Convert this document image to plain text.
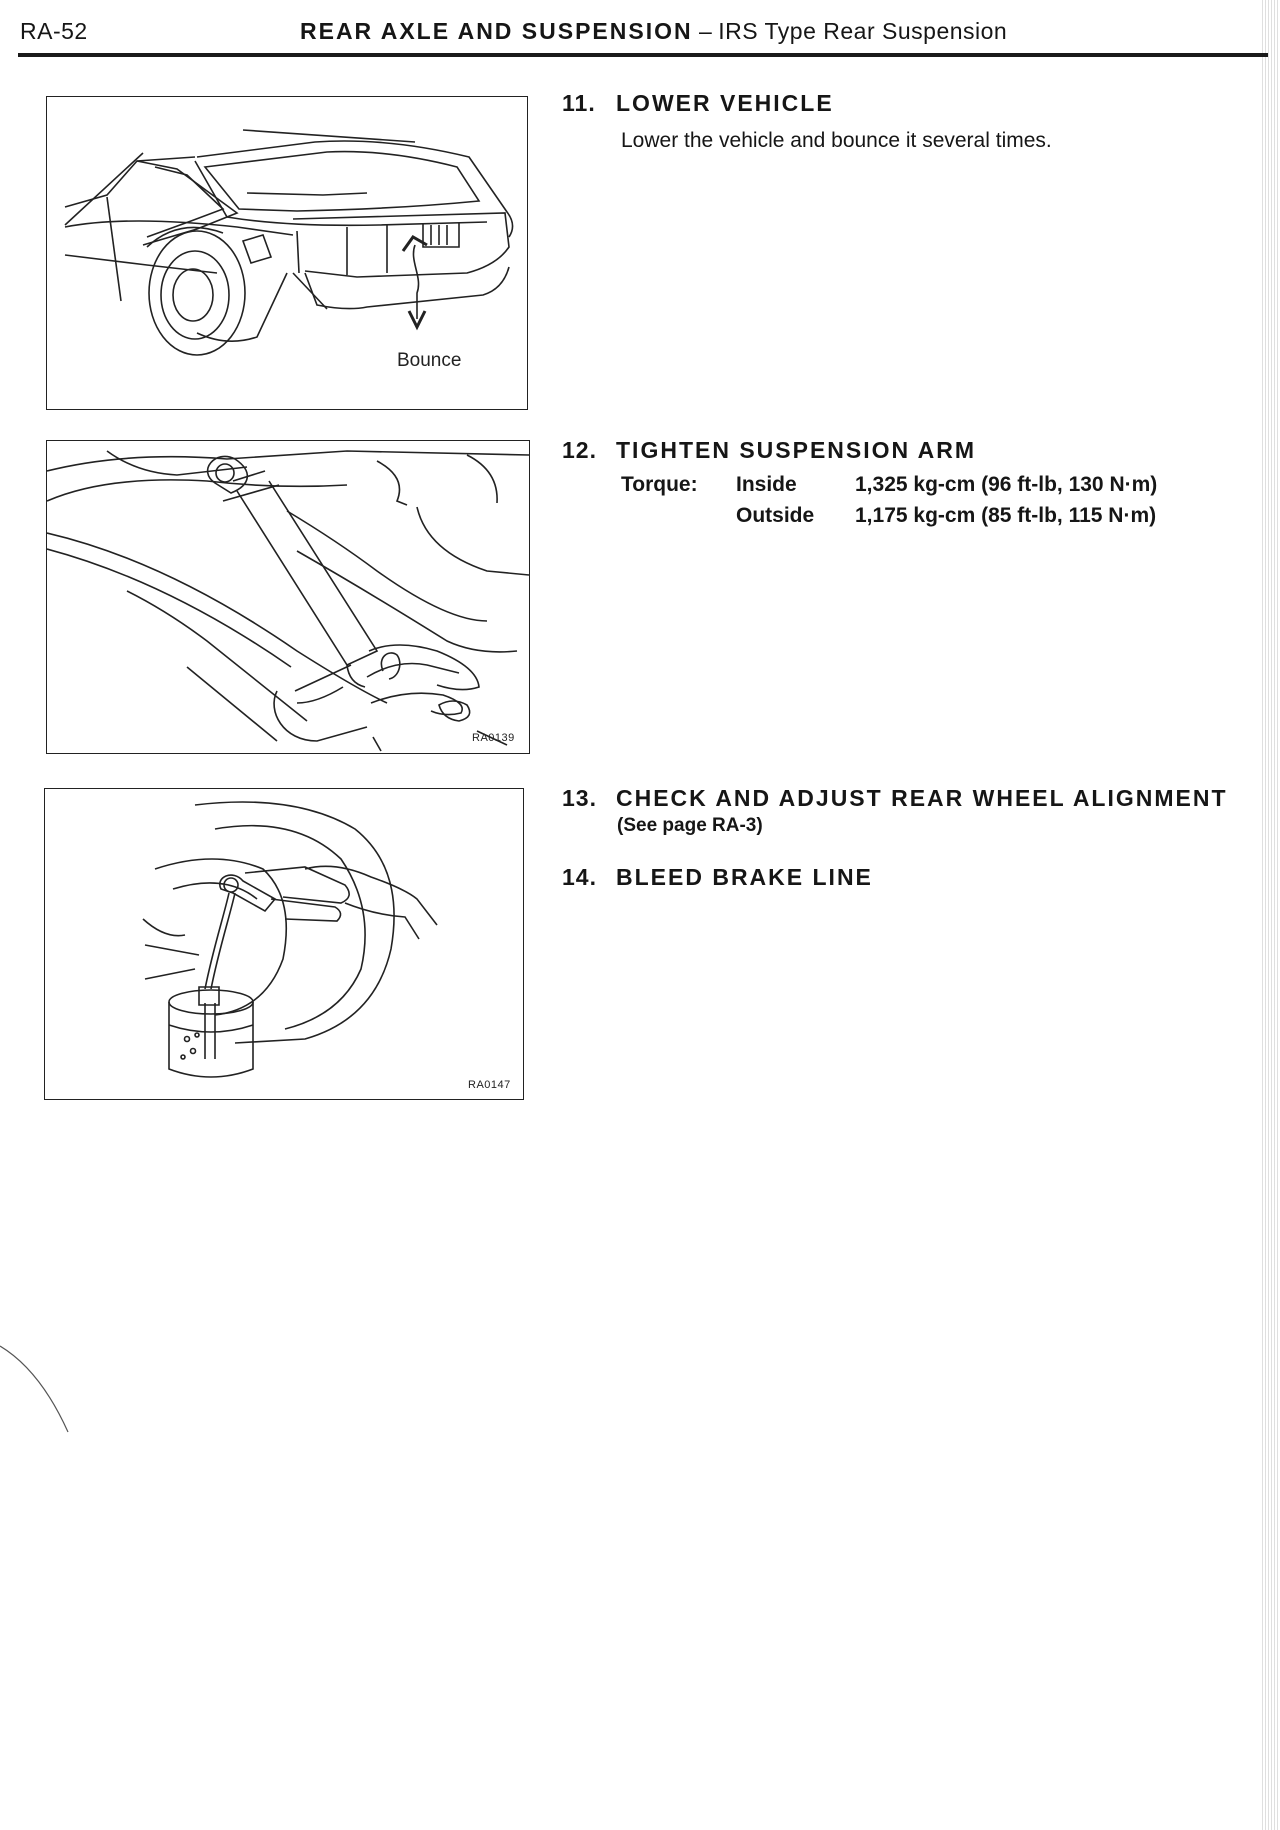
RA-52	REAR AXLE AND SUSPENSION – IRS Type Rear Suspension
Bounce
RA0139
RA0147
11. LOWER VEHICLE
Lower the vehicle and bounce it several times.
12. TIGHTEN SUSPENSION ARM
Torque: Inside	1,325 kg-cm (96 ft-lb, 130 N·m)
Outside 1,175 kg-cm (85 ft-lb, 115 N·m)
13. CHECK AND ADJUST REAR WHEEL ALIGNMENT
(See page RA-3)
14. BLEED BRAKE LINE
